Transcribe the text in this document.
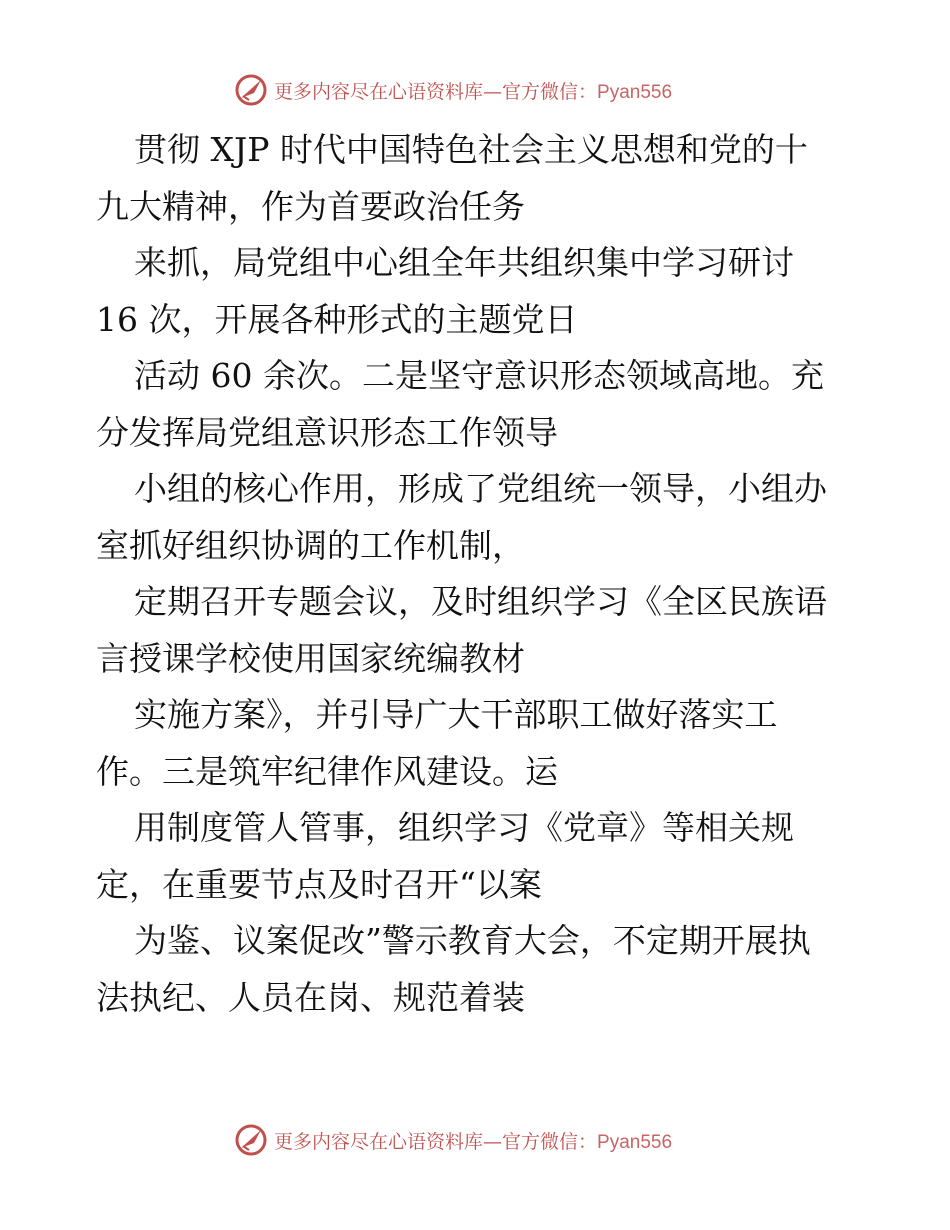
更多内容尽在心语资料库—官方微信：Pyan556
贯彻 XJP 时代中国特色社会主义思想和党的十
九大精神，作为首要政治任务
来抓，局党组中心组全年共组织集中学习研讨
16 次，开展各种形式的主题党日
活动 60 余次。二是坚守意识形态领域高地。充
分发挥局党组意识形态工作领导
小组的核心作用，形成了党组统一领导，小组办
室抓好组织协调的工作机制，
定期召开专题会议，及时组织学习《全区民族语
言授课学校使用国家统编教材
实施方案》，并引导广大干部职工做好落实工
作。三是筑牢纪律作风建设。运
用制度管人管事，组织学习《党章》等相关规
定，在重要节点及时召开“以案
为鉴、议案促改”警示教育大会，不定期开展执
法执纪、人员在岗、规范着装
更多内容尽在心语资料库—官方微信：Pyan556
